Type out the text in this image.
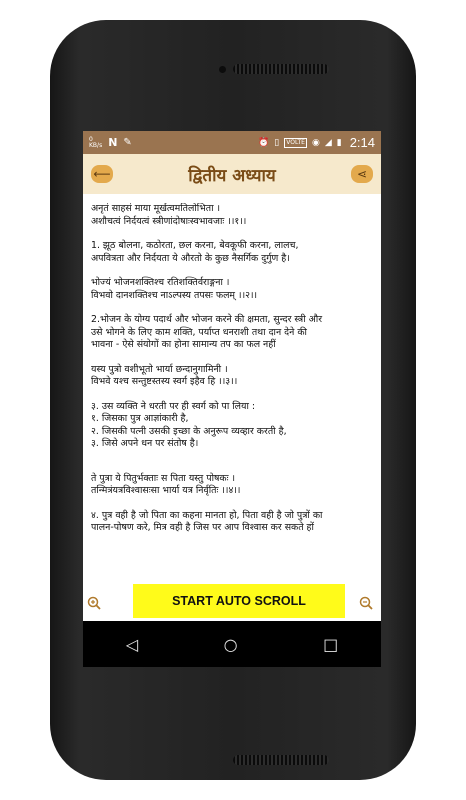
0
KB/s N ✎	⏰ ▯	VOLTE ◉ ◢ ▮ 2:14
⟵	द्वितीय अध्याय	⋖

अनृतं साहसं माया मूर्खत्वमतिलोभिता ।
अशौचत्वं निर्दयत्वं स्त्रीणांदोषाःस्वभावजाः ।।१।।

1. झूठ बोलना, कठोरता, छल करना, बेवकूफी करना, लालच,
अपवित्रता और निर्दयता ये औरतो के कुछ नैसर्गिक दुर्गुण है।

भोज्यं भोजनशक्तिश्च रतिशक्तिर्वराङ्गना ।
विभवो दानशक्तिश्च नाऽल्पस्य तपसः फलम् ।।२।।

2.भोजन के योग्य पदार्थ और भोजन करने की क्षमता, सुन्दर स्त्री और
उसे भोगने के लिए काम शक्ति, पर्याप्त धनराशी तथा दान देने की
भावना - ऐसे संयोगों का होना सामान्य तप का फल नहीं

यस्य पुत्रो वशीभूतो भार्या छन्दानुगामिनी ।
विभवे यश्च सन्तुष्टस्तस्य स्वर्ग इहैव हि ।।३।।

३. उस व्यक्ति ने धरती पर ही स्वर्ग को पा लिया :
१. जिसका पुत्र आज्ञांकारी है,
२. जिसकी पत्नी उसकी इच्छा के अनुरूप व्यव्हार करती है,
३. जिसे अपने धन पर संतोष है।

ते पुत्रा ये पितुर्भक्ताः स पिता यस्तु पोषकः ।
तन्मित्रंयत्रविश्वासःसा भार्या यत्र निर्वृतिः ।।४।।

४. पुत्र वही है जो पिता का कहना मानता हो, पिता वही है जो पुत्रों का
पालन-पोषण करे, मित्र वही है जिस पर आप विश्वास कर सकते हों

START AUTO SCROLL
◁	○	□
